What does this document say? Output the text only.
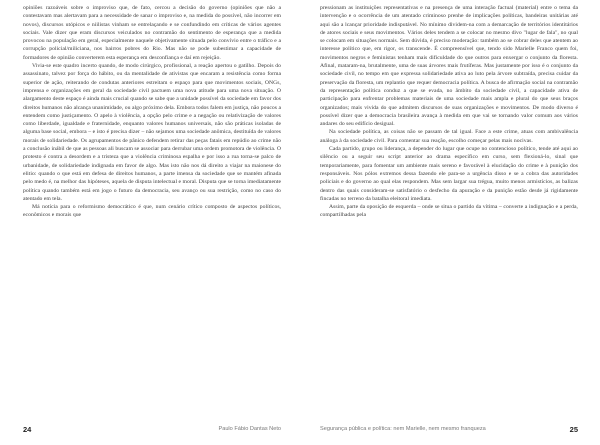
opiniões razoáveis sobre o improviso que, de fato, cercou a decisão do governo (opiniões que não a contestavam mas alertavam para a necessidade de sanar o improviso e, na medida do possível, não incorrer em novos), discursos utópicos e niilistas vinham se entrelaçando e se confundindo em críticas de vários agentes sociais. Vale dizer que eram discursos veiculados no contramão do sentimento de esperança que a medida provocou na população em geral, especialmente naquele objetivamente situada pelo convívio entre o tráfico e a corrupção policial/miliciana, nos bairros pobres do Rio. Mas não se pode subestimar a capacidade de formadores de opinião converterem esta esperança em desconfiança e daí em rejeição.

Vivia-se este quadro incerto quando, de modo cirúrgico, profissional, a reação apertou o gatilho. Depois do assassinato, talvez por força do hábito, ou da mentalidade de ativistas que encaram a resistência como forma superior de ação, reiterando de condutas anteriores estreitam o espaço para que movimentos sociais, ONGs, imprensa e organizações em geral da sociedade civil pactuem uma nova atitude para uma nova situação. O alargamento deste espaço é ainda mais crucial quando se sabe que a unidade possível da sociedade em favor dos direitos humanos não alcança unanimidade, ou algo próximo dela. Embora todos falem em justiça, não poucos a entendem como justiçamento. O apelo à violência, a opção pelo crime e a negação ou relativização de valores como liberdade, igualdade e fraternidade, enquanto valores humanos universais, não são práticas isoladas de alguma base social, embora – e isto é precisa dizer – não sejamos uma sociedade anômica, destituída de valores morais de solidariedade. Os agrupamentos de pânico defendem retirar das peças fatais em repúdio ao crime não a conclusão inábil de que as pessoas ali buscam se associar para derrubar uma ordem promotora de violência. O protesto é contra a desordem e a tristeza que a violência criminosa espalha e por isso a rua torna-se palco de urbanidade, de solidariedade indignada em favor de algo. Mas isto não nos dá direito a viajar na maionese do elitio: quando o que está em defesa de direitos humanos, a parte imensa da sociedade que se mantém afinada pelo medo é, na melhor das hipóteses, aquela de disputa intelectual e moral. Disputa que se torna imediatamente política quando também está em jogo o futuro da democracia, seu avanço ou sua restrição, como no caso do atentado em tela.

Má notícia para o reformismo democrático é que, num cenário crítico composto de aspectos políticos, econômicos e morais que

24	Paulo Fábio Dantas Neto

pressionam as instituições representativas e na presença de uma interação factual (material) entre o tema da intervenção e o ocorrência de um atentado criminoso prenhe de implicações políticas, bandeiras unitárias até aqui são a lcançar prioridade indisputável. No mínimo dividem-na com a demarcação de territórios identitários de atores sociais e seus movimentos. Vários deles tendem a se colocar no mesmo divo "lugar de fala", no qual se colocam em situações normais. Sem dúvida, é preciso moderação: também ao se cobrar deles que atentem ao interesse político que, em rigor, os transcende. É compreensível que, tendo sido Marielle Franco quem foi, movimentos negros e feministas tenham mais dificuldade do que outros para enxergar o conjunto da floresta. Afinal, mataram-na, brutalmente, uma de suas árvores mais frutíferas. Mas justamente por isso é o conjunto da sociedade civil, no tempo em que expressa solidariedade ativa ao luto pela árvore subtraída, precisa cuidar da preservação da floresta, um replantio que requer democracia política. A busca de afirmação social na contramão da representação política conduz a que se evada, no âmbito da sociedade civil, a capacidade ativa de participação para enfrentar problemas materiais de uma sociedade mais ampla e plural do que seus braços organizados; mais vivida do que admitem discursos de suas organizações e movimentos. De modo diverso é possível dizer que a democracia brasileira avança à medida em que vai se tornando valor comum aos vários andares do seu edifício desigual.

Na sociedade política, as coisas não se passam de tal igual. Face a este crime, atuas com ambivalência análoga à da sociedade civil. Para comentar sua reação, escolho começar pelas mais nocivas.

Cada partido, grupo ou liderança, a depender do lugar que ocupe no contencioso político, tende até aqui ao silêncio ou a seguir seu script anterior ao drama específico em curso, sem flexioná-lo, sinal que temporariamente, para fomentar um ambiente mais sereno e favorável à elucidação do crime e à punição dos responsáveis. Nos pólos extremos dessa fazendo ele para-se a urgência disso e se a cobra das autoridades policiais e do governo ao qual elas respondem. Mas sem largar sua trégua, muito menos armistícios, as balizas dentro das quais consideram-se satisfatório o desfecho da apuração e da punição estão desde já rigidamente fincadas no terreno da batalha eleitoral imediata.

Assim, parte da oposição de esquerda – onde se situa o partido da vítima – converte a indignação e a perda, compartilhadas pela

Segurança pública e política: nem Marielle, nem mesmo franqueza	25
